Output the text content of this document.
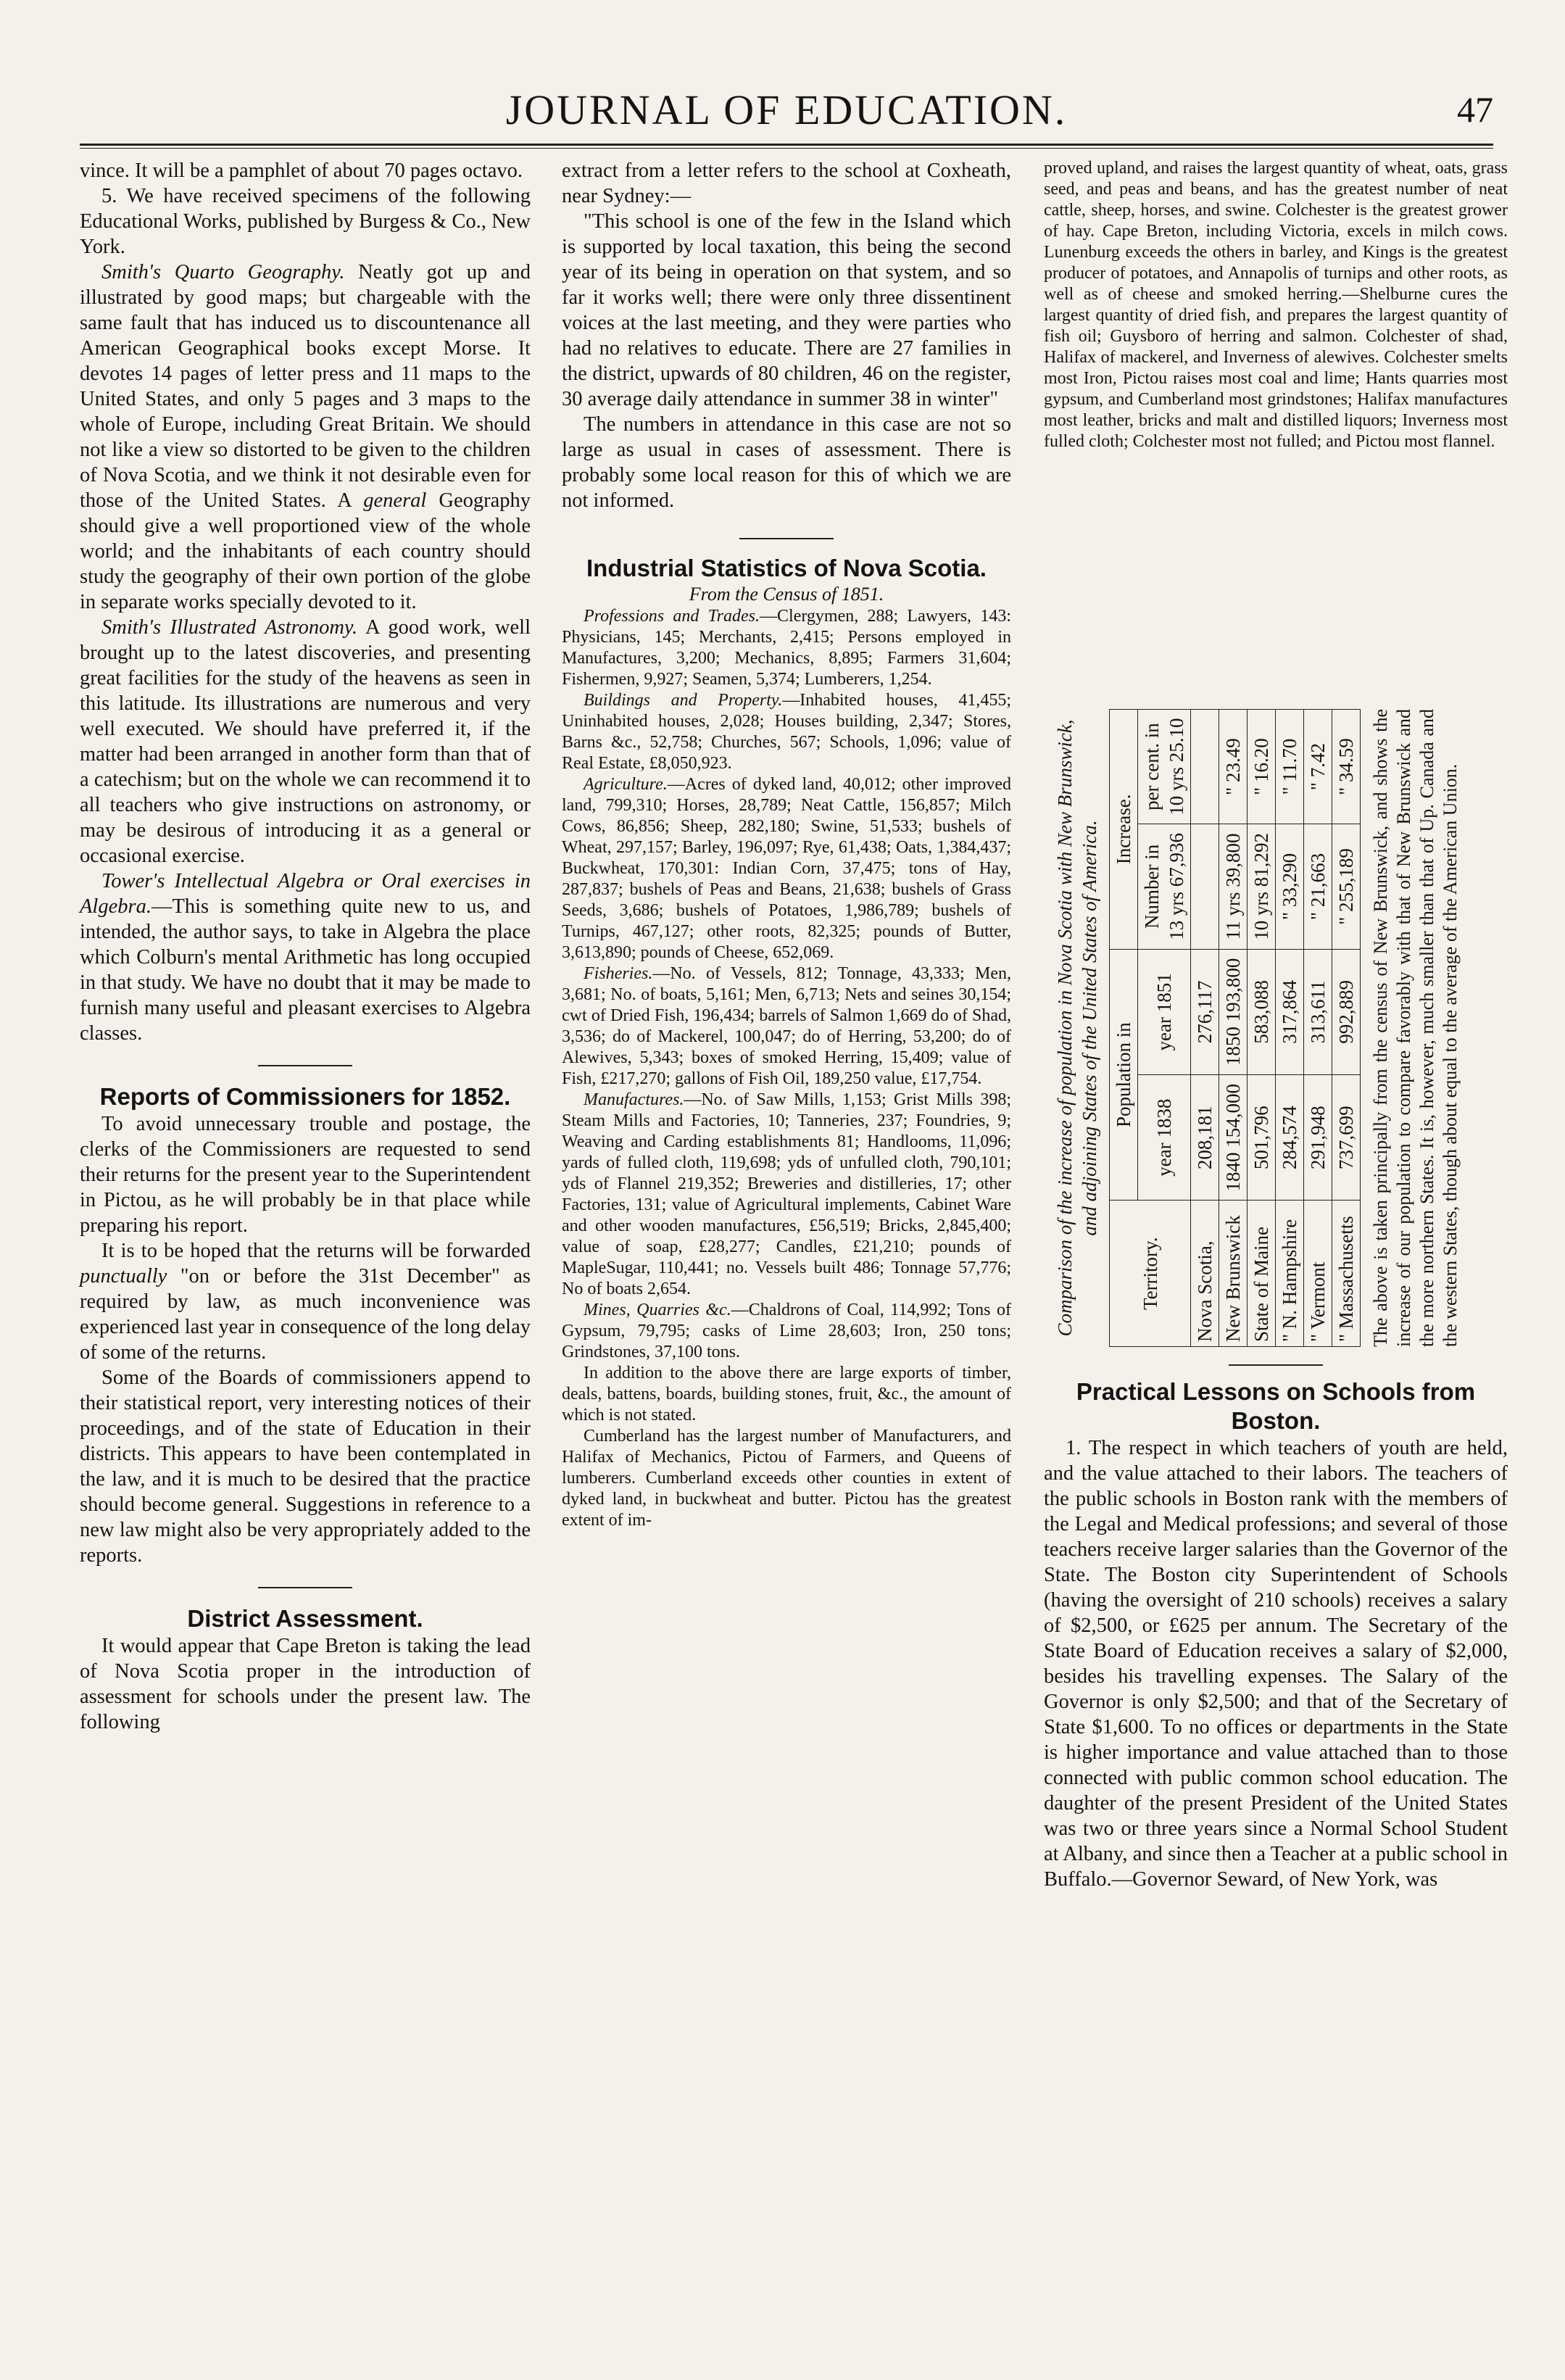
JOURNAL OF EDUCATION.	47

vince. It will be a pamphlet of about 70 pages octavo.

5. We have received specimens of the following Educational Works, published by Burgess & Co., New York.

Smith's Quarto Geography. Neatly got up and illustrated by good maps; but chargeable with the same fault that has induced us to discountenance all American Geographical books except Morse. It devotes 14 pages of letter press and 11 maps to the United States, and only 5 pages and 3 maps to the whole of Europe, including Great Britain. We should not like a view so distorted to be given to the children of Nova Scotia, and we think it not desirable even for those of the United States. A general Geography should give a well proportioned view of the whole world; and the inhabitants of each country should study the geography of their own portion of the globe in separate works specially devoted to it.

Smith's Illustrated Astronomy. A good work, well brought up to the latest discoveries, and presenting great facilities for the study of the heavens as seen in this latitude. Its illustrations are numerous and very well executed. We should have preferred it, if the matter had been arranged in another form than that of a catechism; but on the whole we can recommend it to all teachers who give instructions on astronomy, or may be desirous of introducing it as a general or occasional exercise.

Tower's Intellectual Algebra or Oral exercises in Algebra.—This is something quite new to us, and intended, the author says, to take in Algebra the place which Colburn's mental Arithmetic has long occupied in that study. We have no doubt that it may be made to furnish many useful and pleasant exercises to Algebra classes.

Reports of Commissioners for 1852.

To avoid unnecessary trouble and postage, the clerks of the Commissioners are requested to send their returns for the present year to the Superintendent in Pictou, as he will probably be in that place while preparing his report.

It is to be hoped that the returns will be forwarded punctually "on or before the 31st December" as required by law, as much inconvenience was experienced last year in consequence of the long delay of some of the returns.

Some of the Boards of commissioners append to their statistical report, very interesting notices of their proceedings, and of the state of Education in their districts. This appears to have been contemplated in the law, and it is much to be desired that the practice should become general. Suggestions in reference to a new law might also be very appropriately added to the reports.

District Assessment.

It would appear that Cape Breton is taking the lead of Nova Scotia proper in the introduction of assessment for schools under the present law. The following

extract from a letter refers to the school at Coxheath, near Sydney:—

"This school is one of the few in the Island which is supported by local taxation, this being the second year of its being in operation on that system, and so far it works well; there were only three dissentinent voices at the last meeting, and they were parties who had no relatives to educate. There are 27 families in the district, upwards of 80 children, 46 on the register, 30 average daily attendance in summer 38 in winter"

The numbers in attendance in this case are not so large as usual in cases of assessment. There is probably some local reason for this of which we are not informed.

Industrial Statistics of Nova Scotia.
From the Census of 1851.

Professions and Trades.—Clergymen, 288; Lawyers, 143: Physicians, 145; Merchants, 2,415; Persons employed in Manufactures, 3,200; Mechanics, 8,895; Farmers 31,604; Fishermen, 9,927; Seamen, 5,374; Lumberers, 1,254.

Buildings and Property.—Inhabited houses, 41,455; Uninhabited houses, 2,028; Houses building, 2,347; Stores, Barns &c., 52,758; Churches, 567; Schools, 1,096; value of Real Estate, £8,050,923.

Agriculture.—Acres of dyked land, 40,012; other improved land, 799,310; Horses, 28,789; Neat Cattle, 156,857; Milch Cows, 86,856; Sheep, 282,180; Swine, 51,533; bushels of Wheat, 297,157; Barley, 196,097; Rye, 61,438; Oats, 1,384,437; Buckwheat, 170,301: Indian Corn, 37,475; tons of Hay, 287,837; bushels of Peas and Beans, 21,638; bushels of Grass Seeds, 3,686; bushels of Potatoes, 1,986,789; bushels of Turnips, 467,127; other roots, 82,325; pounds of Butter, 3,613,890; pounds of Cheese, 652,069.

Fisheries.—No. of Vessels, 812; Tonnage, 43,333; Men, 3,681; No. of boats, 5,161; Men, 6,713; Nets and seines 30,154; cwt of Dried Fish, 196,434; barrels of Salmon 1,669 do of Shad, 3,536; do of Mackerel, 100,047; do of Herring, 53,200; do of Alewives, 5,343; boxes of smoked Herring, 15,409; value of Fish, £217,270; gallons of Fish Oil, 189,250 value, £17,754.

Manufactures.—No. of Saw Mills, 1,153; Grist Mills 398; Steam Mills and Factories, 10; Tanneries, 237; Foundries, 9; Weaving and Carding establishments 81; Handlooms, 11,096; yards of fulled cloth, 119,698; yds of unfulled cloth, 790,101; yds of Flannel 219,352; Breweries and distilleries, 17; other Factories, 131; value of Agricultural implements, Cabinet Ware and other wooden manufactures, £56,519; Bricks, 2,845,400; value of soap, £28,277; Candles, £21,210; pounds of MapleSugar, 110,441; no. Vessels built 486; Tonnage 57,776; No of boats 2,654.

Mines, Quarries &c.—Chaldrons of Coal, 114,992; Tons of Gypsum, 79,795; casks of Lime 28,603; Iron, 250 tons; Grindstones, 37,100 tons.

In addition to the above there are large exports of timber, deals, battens, boards, building stones, fruit, &c., the amount of which is not stated.

Cumberland has the largest number of Manufacturers, and Halifax of Mechanics, Pictou of Farmers, and Queens of lumberers. Cumberland exceeds other counties in extent of dyked land, in buckwheat and butter. Pictou has the greatest extent of im-

proved upland, and raises the largest quantity of wheat, oats, grass seed, and peas and beans, and has the greatest number of neat cattle, sheep, horses, and swine. Colchester is the greatest grower of hay. Cape Breton, including Victoria, excels in milch cows. Lunenburg exceeds the others in barley, and Kings is the greatest producer of potatoes, and Annapolis of turnips and other roots, as well as of cheese and smoked herring.—Shelburne cures the largest quantity of dried fish, and prepares the largest quantity of fish oil; Guysboro of herring and salmon. Colchester of shad, Halifax of mackerel, and Inverness of alewives. Colchester smelts most Iron, Pictou raises most coal and lime; Hants quarries most gypsum, and Cumberland most grindstones; Halifax manufactures most leather, bricks and malt and distilled liquors; Inverness most fulled cloth; Colchester most not fulled; and Pictou most flannel.

Comparison of the increase of population in Nova Scotia with New Brunswick, and adjoining States of the United States of America.
Territory.	Population in		Increase.	
	year 1838	year 1851	Number in 13 yrs 67,936	per cent. in 10 yrs 25.10
Nova Scotia,	208,181	276,117		
New Brunswick	1840 154,000	1850 193,800	11 yrs 39,800	" 23.49
State of Maine	501,796	583,088	10 yrs 81,292	" 16.20
" N. Hampshire	284,574	317,864	" 33,290	" 11.70
" Vermont	291,948	313,611	" 21,663	" 7.42
" Massachusetts	737,699	992,889	" 255,189	" 34.59 The above is taken principally from the census of New Brunswick, and shows the increase of our population to compare favorably with that of New Brunswick and the more northern States. It is, however, much smaller than that of Up. Canada and the western States, though about equal to the average of the American Union.
Practical Lessons on Schools from Boston.

1. The respect in which teachers of youth are held, and the value attached to their labors. The teachers of the public schools in Boston rank with the members of the Legal and Medical professions; and several of those teachers receive larger salaries than the Governor of the State. The Boston city Superintendent of Schools (having the oversight of 210 schools) receives a salary of $2,500, or £625 per annum. The Secretary of the State Board of Education receives a salary of $2,000, besides his travelling expenses. The Salary of the Governor is only $2,500; and that of the Secretary of State $1,600. To no offices or departments in the State is higher importance and value attached than to those connected with public common school education. The daughter of the present President of the United States was two or three years since a Normal School Student at Albany, and since then a Teacher at a public school in Buffalo.—Governor Seward, of New York, was
